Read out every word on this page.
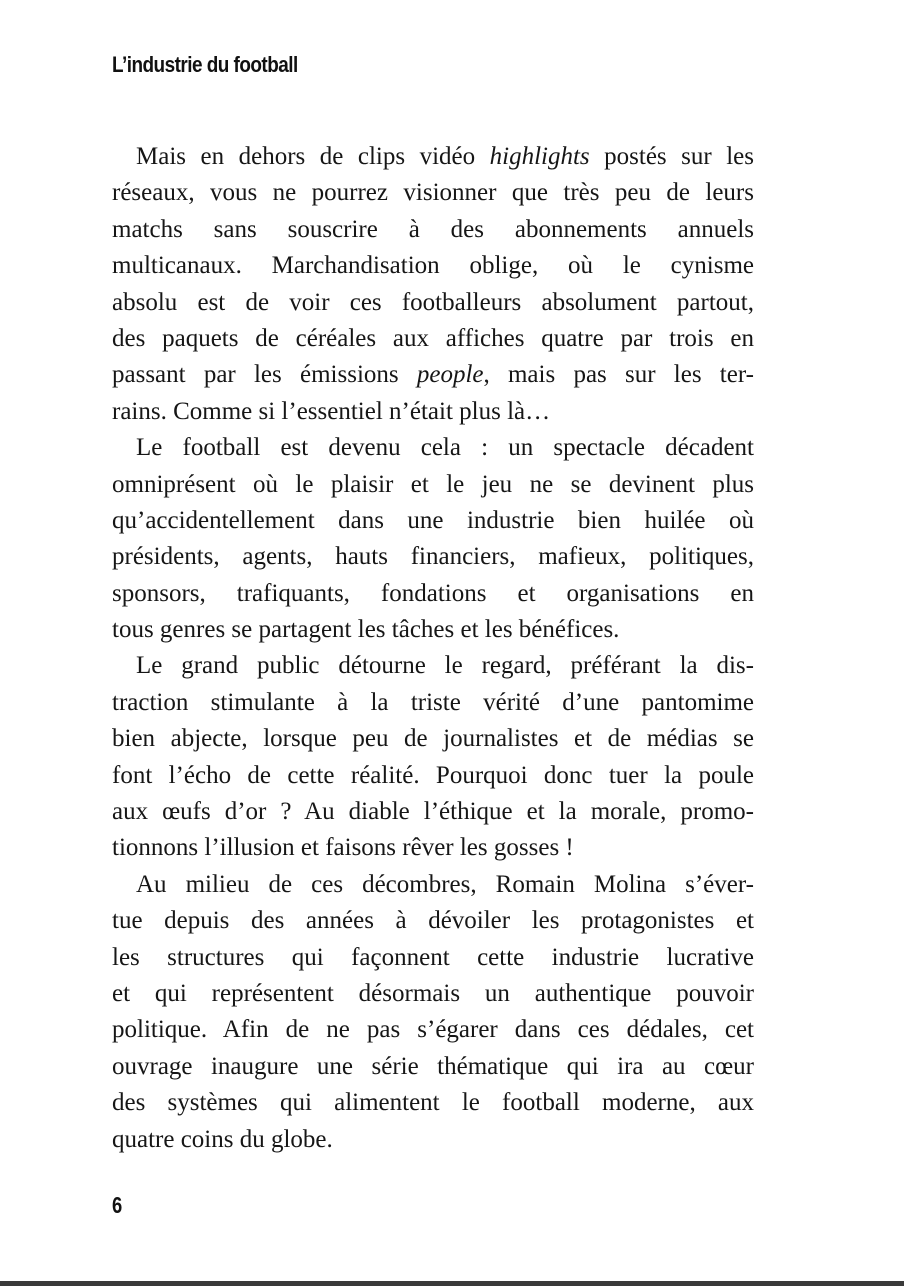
L’industrie du football
Mais en dehors de clips vidéo highlights postés sur les
réseaux, vous ne pourrez visionner que très peu de leurs
matchs sans souscrire à des abonnements annuels
multicanaux. Marchandisation oblige, où le cynisme
absolu est de voir ces footballeurs absolument partout,
des paquets de céréales aux affiches quatre par trois en
passant par les émissions people, mais pas sur les ter-
rains. Comme si l’essentiel n’était plus là…
Le football est devenu cela : un spectacle décadent
omniprésent où le plaisir et le jeu ne se devinent plus
qu’accidentellement dans une industrie bien huilée où
présidents, agents, hauts financiers, mafieux, politiques,
sponsors, trafiquants, fondations et organisations en
tous genres se partagent les tâches et les bénéfices.
Le grand public détourne le regard, préférant la dis-
traction stimulante à la triste vérité d’une pantomime
bien abjecte, lorsque peu de journalistes et de médias se
font l’écho de cette réalité. Pourquoi donc tuer la poule
aux œufs d’or ? Au diable l’éthique et la morale, promo-
tionnons l’illusion et faisons rêver les gosses !
Au milieu de ces décombres, Romain Molina s’éver-
tue depuis des années à dévoiler les protagonistes et
les structures qui façonnent cette industrie lucrative
et qui représentent désormais un authentique pouvoir
politique. Afin de ne pas s’égarer dans ces dédales, cet
ouvrage inaugure une série thématique qui ira au cœur
des systèmes qui alimentent le football moderne, aux
quatre coins du globe.
6
